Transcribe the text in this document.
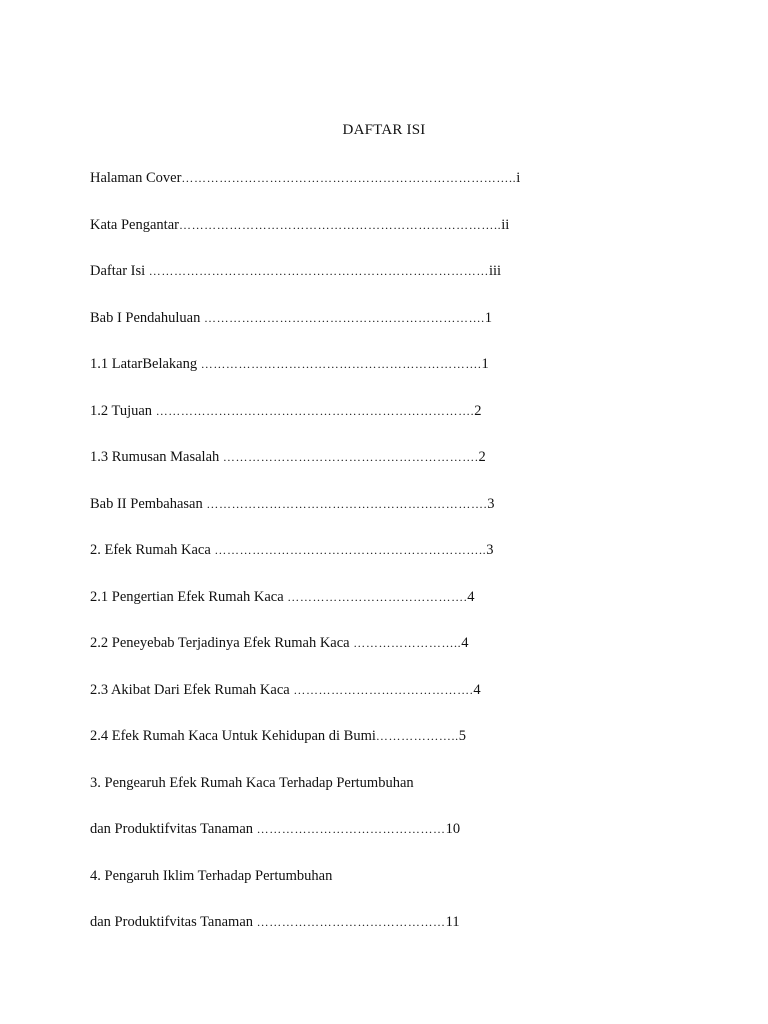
DAFTAR ISI
Halaman Cover……………………………………………………………………..i
Kata Pengantar…………………………………………………………………..ii
Daftar Isi ………………………………………………………………………iii
Bab I Pendahuluan ………………………………………………………….1
1.1 LatarBelakang ………………………………………………………….1
1.2 Tujuan ………………………………………………………………….2
1.3 Rumusan Masalah …………………………………………………….2
Bab II Pembahasan ………………………………………………………….3
2. Efek Rumah Kaca ………………………………………………………..3
2.1 Pengertian Efek Rumah Kaca …………………………………….4
2.2 Peneyebab Terjadinya Efek Rumah Kaca ……………………..4
2.3 Akibat Dari Efek Rumah Kaca …………………………………….4
2.4 Efek Rumah Kaca Untuk Kehidupan di Bumi………………..5
3. Pengearuh Efek Rumah Kaca Terhadap Pertumbuhan
dan Produktifvitas Tanaman ………………………………………10
4. Pengaruh Iklim Terhadap Pertumbuhan
dan Produktifvitas Tanaman ………………………………………11
